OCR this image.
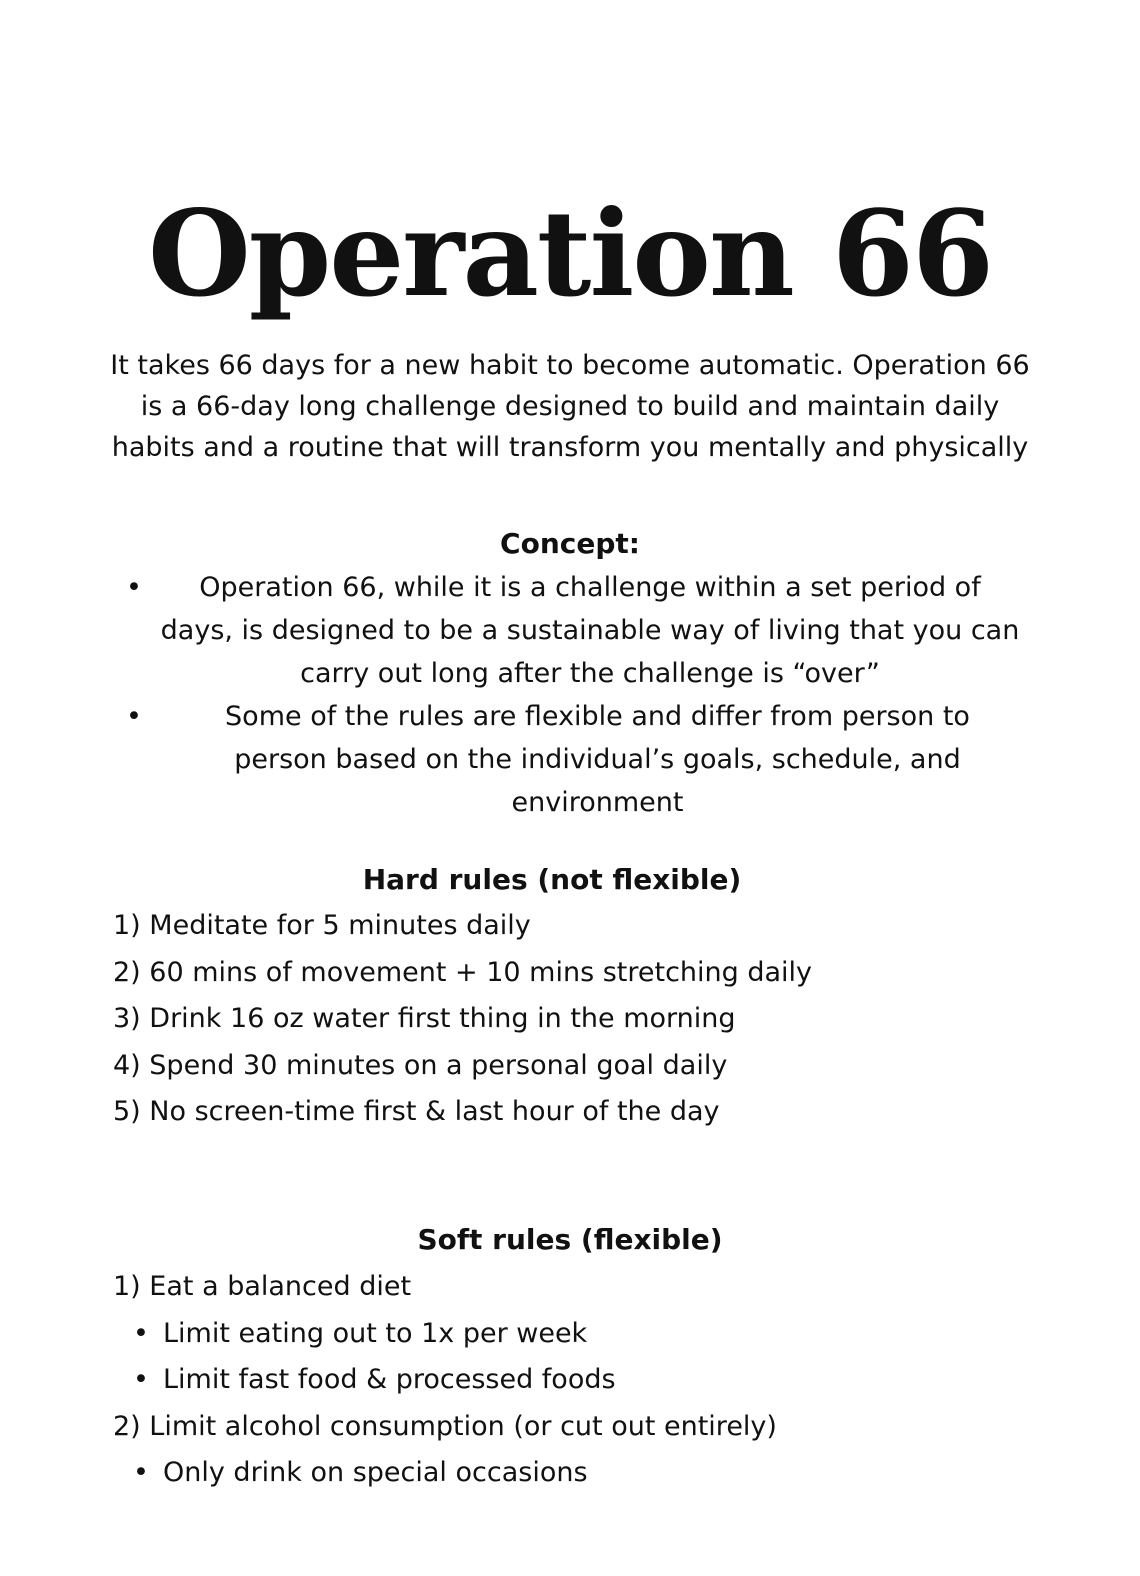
Operation 66

It takes 66 days for a new habit to become automatic. Operation 66 is a 66-day long challenge designed to build and maintain daily habits and a routine that will transform you mentally and physically

Concept:
• Operation 66, while it is a challenge within a set period of days, is designed to be a sustainable way of living that you can carry out long after the challenge is “over”
•	Some of the rules are flexible and differ from person to person based on the individual’s goals, schedule, and environment
Hard rules (not flexible)
1) Meditate for 5 minutes daily
2) 60 mins of movement + 10 mins stretching daily
3) Drink 16 oz water first thing in the morning
4) Spend 30 minutes on a personal goal daily
5) No screen-time first & last hour of the day
Soft rules (flexible)
1) Eat a balanced diet
• Limit eating out to 1x per week
• Limit fast food & processed foods
2) Limit alcohol consumption (or cut out entirely)
• Only drink on special occasions
